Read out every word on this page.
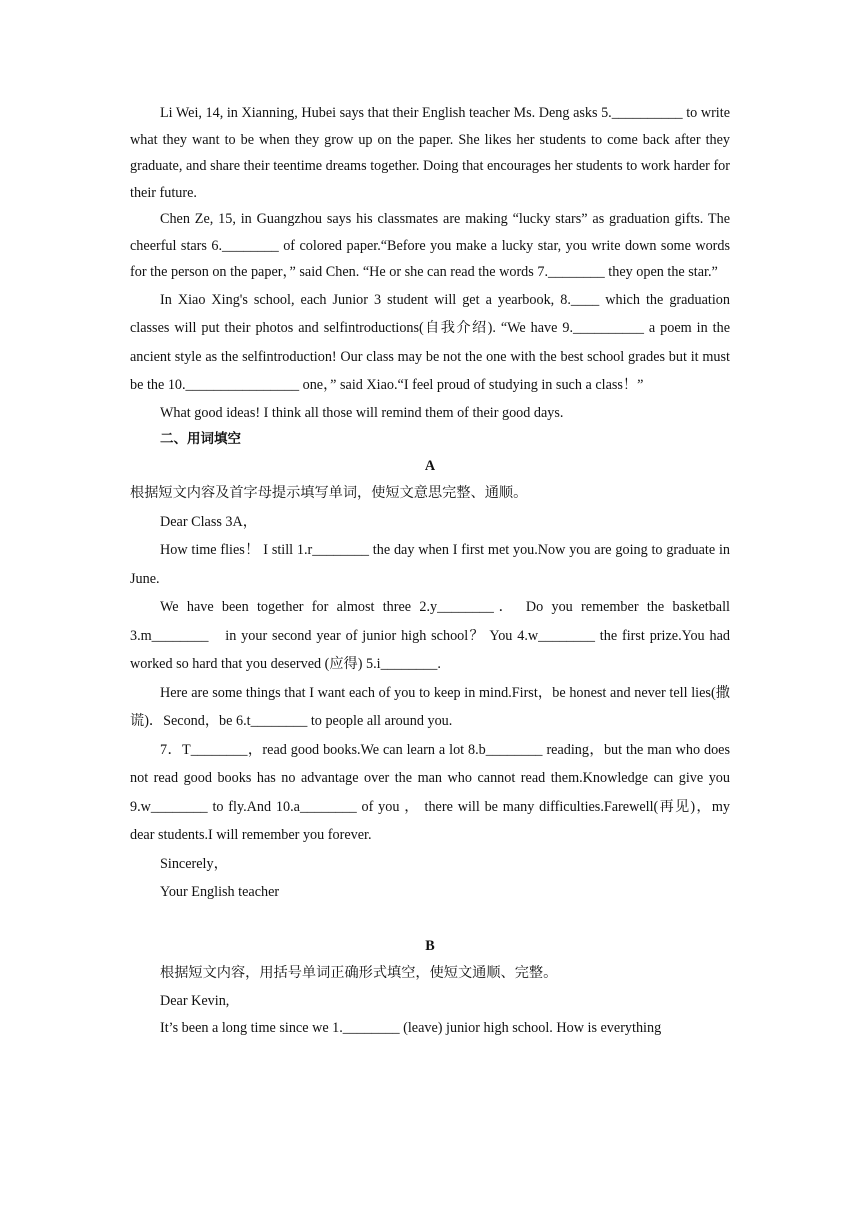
Li Wei, 14, in Xianning, Hubei says that their English teacher Ms. Deng asks 5.__________ to write what they want to be when they grow up on the paper. She likes her students to come back after they graduate, and share their teentime dreams together. Doing that encourages her students to work harder for their future.

Chen Ze, 15, in Guangzhou says his classmates are making “lucky stars” as graduation gifts. The cheerful stars 6.________ of colored paper.“Before you make a lucky star, you write down some words for the person on the paper，” said Chen. “He or she can read the words 7.________ they open the star.”

In Xiao Xing's school, each Junior 3 student will get a yearbook, 8.____ which the graduation classes will put their photos and selfintroductions(自我介绍). “We have 9.__________ a poem in the ancient style as the selfintroduction! Our class may be not the one with the best school grades but it must be the 10.________________ one，” said Xiao.“I feel proud of studying in such a class！”

What good ideas! I think all those will remind them of their good days.

二、用词填空

A

根据短文内容及首字母提示填写单词，使短文意思完整、通顺。

Dear Class 3A，

How time flies！ I still 1.r________ the day when I first met you.Now you are going to graduate in June.

We have been together for almost three 2.y________． Do you remember the basketball 3.m________　in your second year of junior high school？ You 4.w________ the first prize.You had worked so hard that you deserved (应得) 5.i________.

Here are some things that I want each of you to keep in mind.First，be honest and never tell lies(撒谎)．Second，be 6.t________ to people all around you.

7．T________，read good books.We can learn a lot 8.b________ reading，but the man who does not read good books has no advantage over the man who cannot read them.Knowledge can give you 9.w________ to fly.And 10.a________ of you ， there will be many difficulties.Farewell(再见)，my dear students.I will remember you forever.

Sincerely，

Your English teacher

B

根据短文内容，用括号单词正确形式填空，使短文通顺、完整。

Dear Kevin,

It’s been a long time since we 1.________ (leave) junior high school. How is everything
